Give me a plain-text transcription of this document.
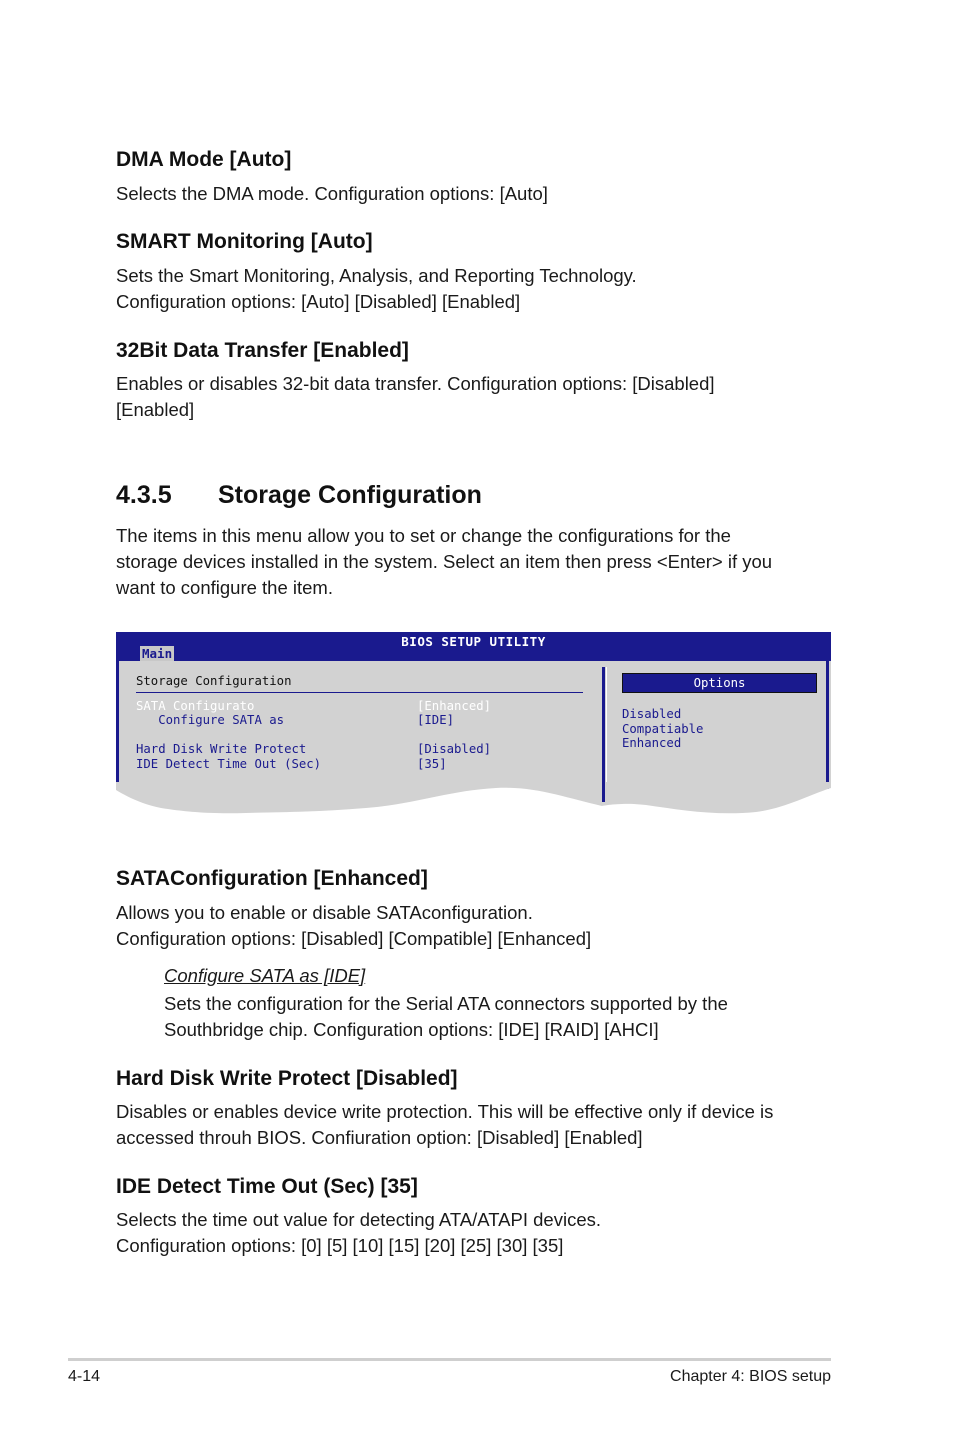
DMA Mode [Auto]
Selects the DMA mode. Configuration options: [Auto]
SMART Monitoring [Auto]
Sets the Smart Monitoring, Analysis, and Reporting Technology.
Configuration options: [Auto] [Disabled] [Enabled]
32Bit Data Transfer [Enabled]
Enables or disables 32-bit data transfer. Configuration options: [Disabled]
[Enabled]
4.3.5 Storage Configuration
The items in this menu allow you to set or change the configurations for the
storage devices installed in the system. Select an item then press <Enter> if you
want to configure the item.
BIOS SETUP UTILITY
Main
Storage Configuration
SATA Configurato	[Enhanced]
Configure SATA as	[IDE]
Hard Disk Write Protect	[Disabled]
IDE Detect Time Out (Sec)	[35]
Options
Disabled
Compatiable
Enhanced
SATAConfiguration [Enhanced]
Allows you to enable or disable SATAconfiguration.
Configuration options: [Disabled] [Compatible] [Enhanced]
Configure SATA as [IDE]
Sets the configuration for the Serial ATA connectors supported by the
Southbridge chip. Configuration options: [IDE] [RAID] [AHCI]
Hard Disk Write Protect [Disabled]
Disables or enables device write protection. This will be effective only if device is
accessed throuh BIOS. Confiuration option: [Disabled] [Enabled]
IDE Detect Time Out (Sec) [35]
Selects the time out value for detecting ATA/ATAPI devices.
Configuration options: [0] [5] [10] [15] [20] [25] [30] [35]
4-14	Chapter 4: BIOS setup
